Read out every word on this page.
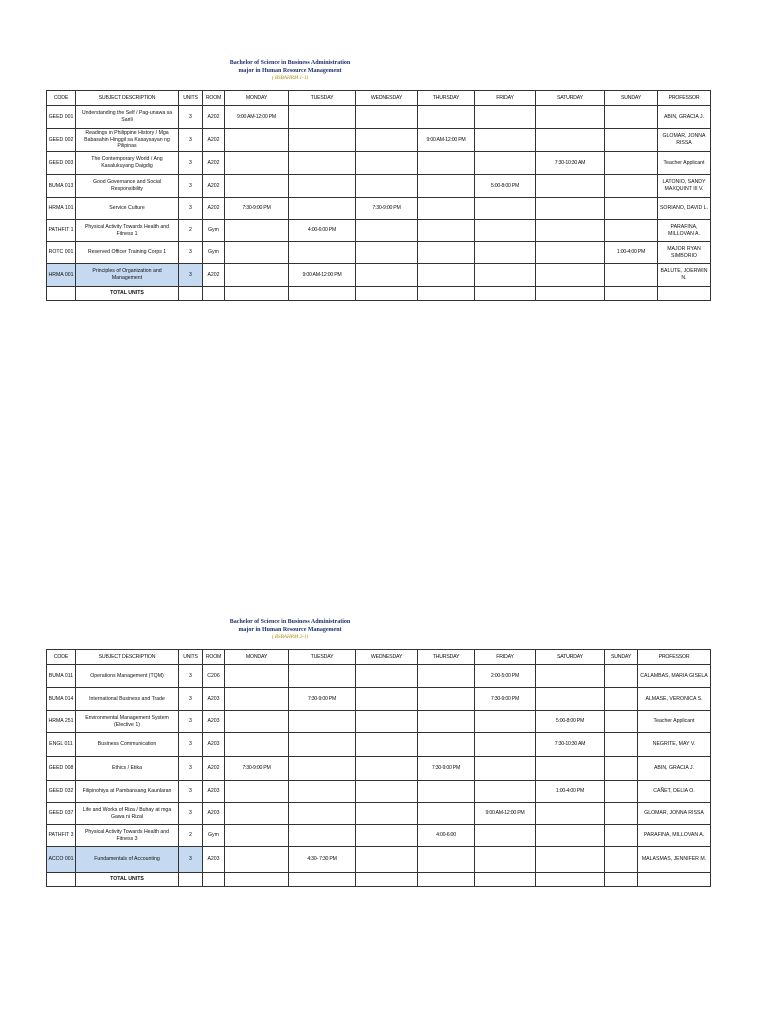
Bachelor of Science in Business Administration
major in Human Resource Management
( BSBAHRM 1-1)
CODE	SUBJECT DESCRIPTION	UNITS	ROOM	MONDAY	TUESDAY	WEDNESDAY	THURSDAY	FRIDAY	SATURDAY	SUNDAY	PROFESSOR
GEED 001	Understanding the Self / Pag-unawa sa Sarili	3	A202	9:00 AM-12:00 PM							ABIN, GRACIA J.
GEED 002	Readings in Philippine History / Mga Babasahin Hinggil sa Kasaysayan ng Pilipinas	3	A202				9:00 AM-12:00 PM				GLOMAR, JONNA RISSA
GEED 003	The Contemporary World / Ang Kasalukuyang Daigdig	3	A202						7:30-10:30 AM		Teacher Applicant
BUMA 013	Good Governance and Social Responsibility	3	A202					5:00-8:00 PM			LATONIO, SANDY MAXQUINT III V.
HRMA 101	Service Culture	3	A202	7:30-9:00 PM		7:30-9:00 PM					SORIANO, DAVID L.
PATHFIT 1	Physical Activity Towards Health and Fitness 1	2	Gym		4:00-6:00 PM						PARAFINA, MILLOVAN A.
ROTC 001	Reserved Officer Training Corps 1	3	Gym							1:00-4:00 PM	MAJOR RYAN SIMBORIO
HRMA 001	Principles of Organization and Management	3	A202		9:00 AM-12:00 PM						BALUTE, JOERWIN N.
	TOTAL UNITS										
Bachelor of Science in Business Administration
major in Human Resource Management
( BSBAHRM 2-1)
CODE	SUBJECT DESCRIPTION	UNITS	ROOM	MONDAY	TUESDAY	WEDNESDAY	THURSDAY	FRIDAY	SATURDAY	SUNDAY	PROFESSOR
BUMA 011	Operations Management (TQM)	3	C206					2:00-5:00 PM			CALAMBAS, MARIA GISELA
BUMA 014	International Business and Trade	3	A203		7:30-9:00 PM			7:30-9:00 PM			ALMASE, VERONICA S.
HRMA 251	Environmental Management System (Elective 1)	3	A203						5:00-8:00 PM		Teacher Applicant
ENGL 011	Business Communication	3	A203						7:30-10:30 AM		NEGRITE, MAY V.
GEED 008	Ethics / Etika	3	A202	7:30-9:00 PM			7:30-9:00 PM				ABIN, GRACIA J.
GEED 032	Filipinohiya at Pambansang Kaunlaran	3	A203						1:00-4:00 PM		CAÑET, DELIA O.
GEED 037	Life and Works of Riza / Buhay at mga Gawa ni Rizal	3	A203					9:00 AM-12:00 PM			GLOMAR, JONNA RISSA
PATHFIT 3	Physical Activity Towards Health and Fitness 3	2	Gym				4:00-6:00				PARAFINA, MILLOVAN A.
ACCO 001	Fundamentals of Accounting	3	A203		4:30- 7:30 PM						MALASMAS, JENNIFER M.
	TOTAL UNITS										
